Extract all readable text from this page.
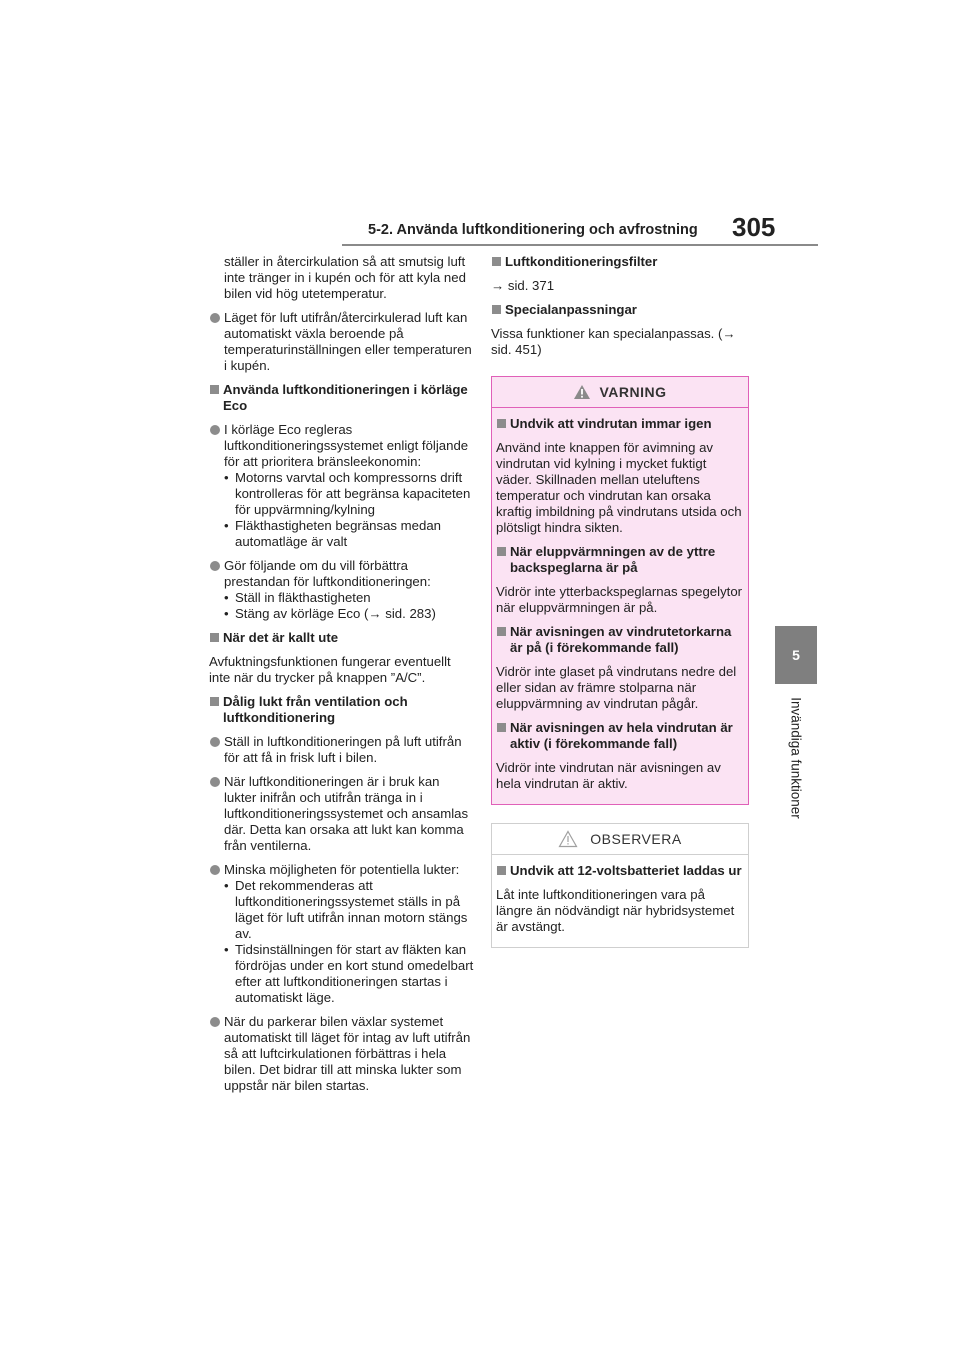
5-2. Använda luftkonditionering och avfrostning 305
5
Invändiga funktioner
ställer in återcirkulation så att smutsig luft inte tränger in i kupén och för att kyla ned bilen vid hög utetemperatur.
Läget för luft utifrån/återcirkulerad luft kan automatiskt växla beroende på temperaturinställningen eller temperaturen i kupén.
Använda luftkonditioneringen i körläge Eco
I körläge Eco regleras luftkonditioneringssystemet enligt följande för att prioritera bränsleekonomin:
• Motorns varvtal och kompressorns drift kontrolleras för att begränsa kapaciteten för uppvärmning/kylning
• Fläkthastigheten begränsas medan automatläge är valt
Gör följande om du vill förbättra prestandan för luftkonditioneringen:
• Ställ in fläkthastigheten
• Stäng av körläge Eco (→ sid. 283)
När det är kallt ute
Avfuktningsfunktionen fungerar eventuellt inte när du trycker på knappen ”A/C”.
Dålig lukt från ventilation och luftkonditionering
Ställ in luftkonditioneringen på luft utifrån för att få in frisk luft i bilen.
När luftkonditioneringen är i bruk kan lukter inifrån och utifrån tränga in i luftkonditioneringssystemet och ansamlas där. Detta kan orsaka att lukt kan komma från ventilerna.
Minska möjligheten för potentiella lukter:
• Det rekommenderas att luftkonditioneringssystemet ställs in på läget för luft utifrån innan motorn stängs av.
• Tidsinställningen för start av fläkten kan fördröjas under en kort stund omedelbart efter att luftkonditioneringen startas i automatiskt läge.
När du parkerar bilen växlar systemet automatiskt till läget för intag av luft utifrån så att luftcirkulationen förbättras i hela bilen. Det bidrar till att minska lukter som uppstår när bilen startas.
Luftkonditioneringsfilter
→ sid. 371
Specialanpassningar
Vissa funktioner kan specialanpassas. (→ sid. 451)
VARNING
Undvik att vindrutan immar igen
Använd inte knappen för avimning av vindrutan vid kylning i mycket fuktigt väder. Skillnaden mellan uteluftens temperatur och vindrutan kan orsaka kraftig imbildning på vindrutans utsida och plötsligt hindra sikten.
När eluppvärmningen av de yttre backspeglarna är på
Vidrör inte ytterbackspeglarnas spegelytor när eluppvärmningen är på.
När avisningen av vindrutetorkarna är på (i förekommande fall)
Vidrör inte glaset på vindrutans nedre del eller sidan av främre stolparna när eluppvärmning av vindrutan pågår.
När avisningen av hela vindrutan är aktiv (i förekommande fall)
Vidrör inte vindrutan när avisningen av hela vindrutan är aktiv.
OBSERVERA
Undvik att 12-voltsbatteriet laddas ur
Låt inte luftkonditioneringen vara på längre än nödvändigt när hybridsystemet är avstängt.
